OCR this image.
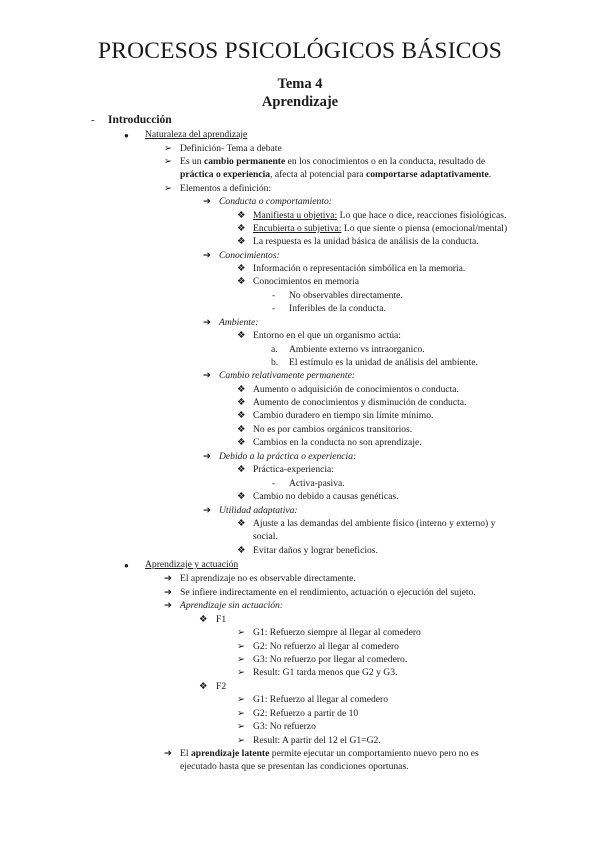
PROCESOS PSICOLÓGICOS BÁSICOS
Tema 4
Aprendizaje
- Introducción
● Naturaleza del aprendizaje
➢ Definición- Tema a debate
➢ Es un cambio permanente en los conocimientos o en la conducta, resultado de
práctica o experiencia, afecta al potencial para comportarse adaptativamente.
➢ Elementos a definición:
➔ Conducta o comportamiento:
❖ Manifiesta u objetiva: Lo que hace o dice, reacciones fisiológicas.
❖ Encubierta o subjetiva: Lo que siente o piensa (emocional/mental)
❖ La respuesta es la unidad básica de análisis de la conducta.
➔ Conocimientos:
❖ Información o representación simbólica en la memoria.
❖ Conocimientos en memoria
- No observables directamente.
- Inferibles de la conducta.
➔ Ambiente:
❖ Entorno en el que un organismo actúa:
a. Ambiente externo vs intraorganico.
b. El estímulo es la unidad de análisis del ambiente.
➔ Cambio relativamente permanente:
❖ Aumento o adquisición de conocimientos o conducta.
❖ Aumento de conocimientos y disminución de conducta.
❖ Cambio duradero en tiempo sin límite mínimo.
❖ No es por cambios orgánicos transitorios.
❖ Cambios en la conducta no son aprendizaje.
➔ Debido a la práctica o experiencia:
❖ Práctica-experiencia:
- Activa-pasiva.
❖ Cambio no debido a causas genéticas.
➔ Utilidad adaptativa:
❖ Ajuste a las demandas del ambiente físico (interno y externo) y
social.
❖ Evitar daños y lograr beneficios.
● Aprendizaje y actuación
➔ El aprendizaje no es observable directamente.
➔ Se infiere indirectamente en el rendimiento, actuación o ejecución del sujeto.
➔ Aprendizaje sin actuación:
❖ F1
➢ G1: Refuerzo siempre al llegar al comedero
➢ G2: No refuerzo al llegar al comedero
➢ G3: No refuerzo por llegar al comedero.
➢ Result: G1 tarda menos que G2 y G3.
❖ F2
➢ G1: Refuerzo al llegar al comedero
➢ G2: Refuerzo a partir de 10
➢ G3: No refuerzo
➢ Result: A partir del 12 el G1=G2.
➔ El aprendizaje latente permite ejecutar un comportamiento nuevo pero no es
ejecutado hasta que se presentan las condiciones oportunas.
